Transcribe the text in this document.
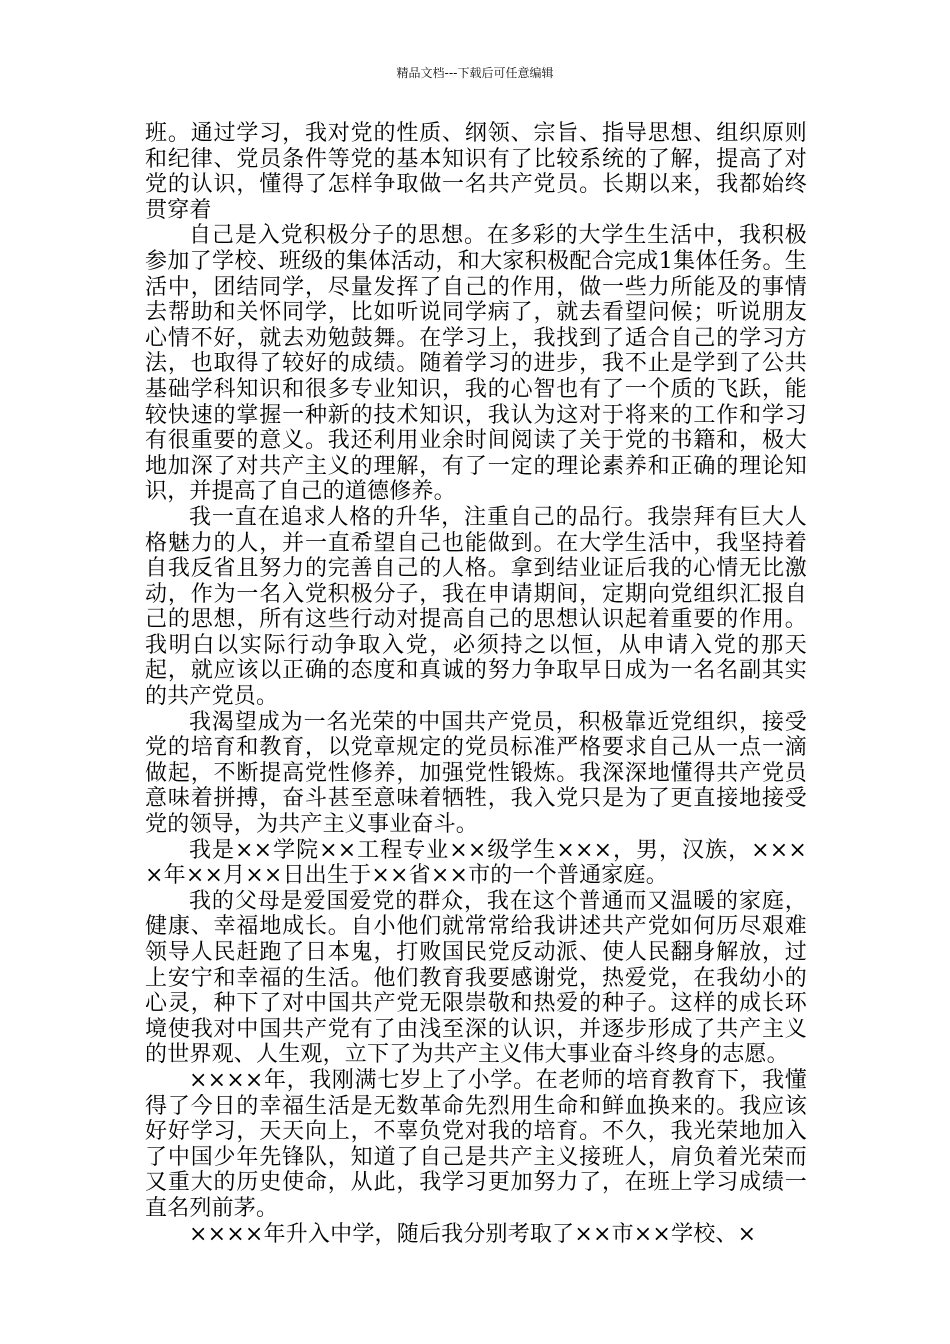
精品文档---下载后可任意编辑

班。通过学习，我对党的性质、纲领、宗旨、指导思想、组织原则和纪律、党员条件等党的基本知识有了比较系统的了解，提高了对党的认识，懂得了怎样争取做一名共产党员。长期以来，我都始终贯穿着

自己是入党积极分子的思想。在多彩的大学生生活中，我积极参加了学校、班级的集体活动，和大家积极配合完成1集体任务。生活中，团结同学，尽量发挥了自己的作用，做一些力所能及的事情去帮助和关怀同学，比如听说同学病了，就去看望问候；听说朋友心情不好，就去劝勉鼓舞。在学习上，我找到了适合自己的学习方法，也取得了较好的成绩。随着学习的进步，我不止是学到了公共基础学科知识和很多专业知识，我的心智也有了一个质的飞跃，能较快速的掌握一种新的技术知识，我认为这对于将来的工作和学习有很重要的意义。我还利用业余时间阅读了关于党的书籍和，极大地加深了对共产主义的理解，有了一定的理论素养和正确的理论知识，并提高了自己的道德修养。

我一直在追求人格的升华，注重自己的品行。我崇拜有巨大人格魅力的人，并一直希望自己也能做到。在大学生活中，我坚持着自我反省且努力的完善自己的人格。拿到结业证后我的心情无比激动，作为一名入党积极分子，我在申请期间，定期向党组织汇报自己的思想，所有这些行动对提高自己的思想认识起着重要的作用。我明白以实际行动争取入党，必须持之以恒，从申请入党的那天起，就应该以正确的态度和真诚的努力争取早日成为一名名副其实的共产党员。

我渴望成为一名光荣的中国共产党员，积极靠近党组织，接受党的培育和教育，以党章规定的党员标准严格要求自己从一点一滴做起，不断提高党性修养，加强党性锻炼。我深深地懂得共产党员意味着拼搏，奋斗甚至意味着牺牲，我入党只是为了更直接地接受党的领导，为共产主义事业奋斗。

我是××学院××工程专业××级学生×××，男，汉族，××××年××月××日出生于××省××市的一个普通家庭。

我的父母是爱国爱党的群众，我在这个普通而又温暖的家庭，健康、幸福地成长。自小他们就常常给我讲述共产党如何历尽艰难领导人民赶跑了日本鬼，打败国民党反动派、使人民翻身解放，过上安宁和幸福的生活。他们教育我要感谢党，热爱党，在我幼小的心灵，种下了对中国共产党无限崇敬和热爱的种子。这样的成长环境使我对中国共产党有了由浅至深的认识，并逐步形成了共产主义的世界观、人生观，立下了为共产主义伟大事业奋斗终身的志愿。

××××年，我刚满七岁上了小学。在老师的培育教育下，我懂得了今日的幸福生活是无数革命先烈用生命和鲜血换来的。我应该好好学习，天天向上，不辜负党对我的培育。不久，我光荣地加入了中国少年先锋队，知道了自己是共产主义接班人，肩负着光荣而又重大的历史使命，从此，我学习更加努力了，在班上学习成绩一直名列前茅。

××××年升入中学，随后我分别考取了××市××学校、×
